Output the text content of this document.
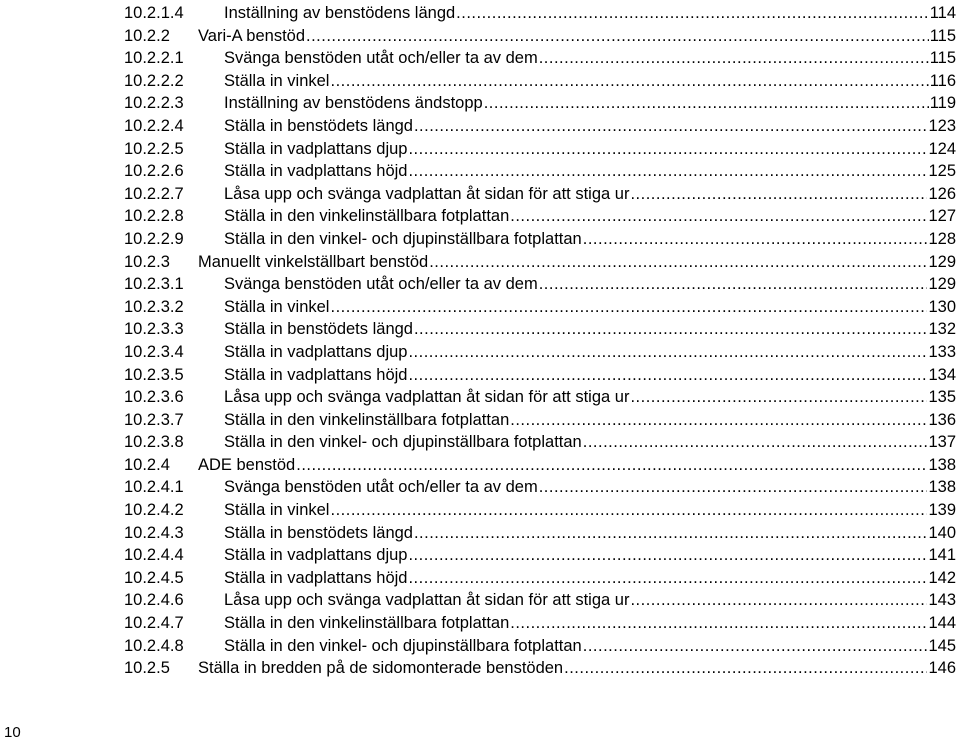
10.2.1.4 Inställning av benstödens längd .....	114
10.2.2 Vari-A benstöd .....	115
10.2.2.1 Svänga benstöden utåt och/eller ta av dem .....	115
10.2.2.2 Ställa in vinkel .....	116
10.2.2.3 Inställning av benstödens ändstopp .....	119
10.2.2.4 Ställa in benstödets längd .....	123
10.2.2.5 Ställa in vadplattans djup .....	124
10.2.2.6 Ställa in vadplattans höjd .....	125
10.2.2.7 Låsa upp och svänga vadplattan åt sidan för att stiga ur .....	126
10.2.2.8 Ställa in den vinkelinställbara fotplattan .....	127
10.2.2.9 Ställa in den vinkel- och djupinställbara fotplattan .....	128
10.2.3 Manuellt vinkelställbart benstöd .....	129
10.2.3.1 Svänga benstöden utåt och/eller ta av dem .....	129
10.2.3.2 Ställa in vinkel .....	130
10.2.3.3 Ställa in benstödets längd .....	132
10.2.3.4 Ställa in vadplattans djup .....	133
10.2.3.5 Ställa in vadplattans höjd .....	134
10.2.3.6 Låsa upp och svänga vadplattan åt sidan för att stiga ur .....	135
10.2.3.7 Ställa in den vinkelinställbara fotplattan .....	136
10.2.3.8 Ställa in den vinkel- och djupinställbara fotplattan .....	137
10.2.4 ADE benstöd .....	138
10.2.4.1 Svänga benstöden utåt och/eller ta av dem .....	138
10.2.4.2 Ställa in vinkel .....	139
10.2.4.3 Ställa in benstödets längd .....	140
10.2.4.4 Ställa in vadplattans djup .....	141
10.2.4.5 Ställa in vadplattans höjd .....	142
10.2.4.6 Låsa upp och svänga vadplattan åt sidan för att stiga ur .....	143
10.2.4.7 Ställa in den vinkelinställbara fotplattan .....	144
10.2.4.8 Ställa in den vinkel- och djupinställbara fotplattan .....	145
10.2.5 Ställa in bredden på de sidomonterade benstöden .....	146
10
